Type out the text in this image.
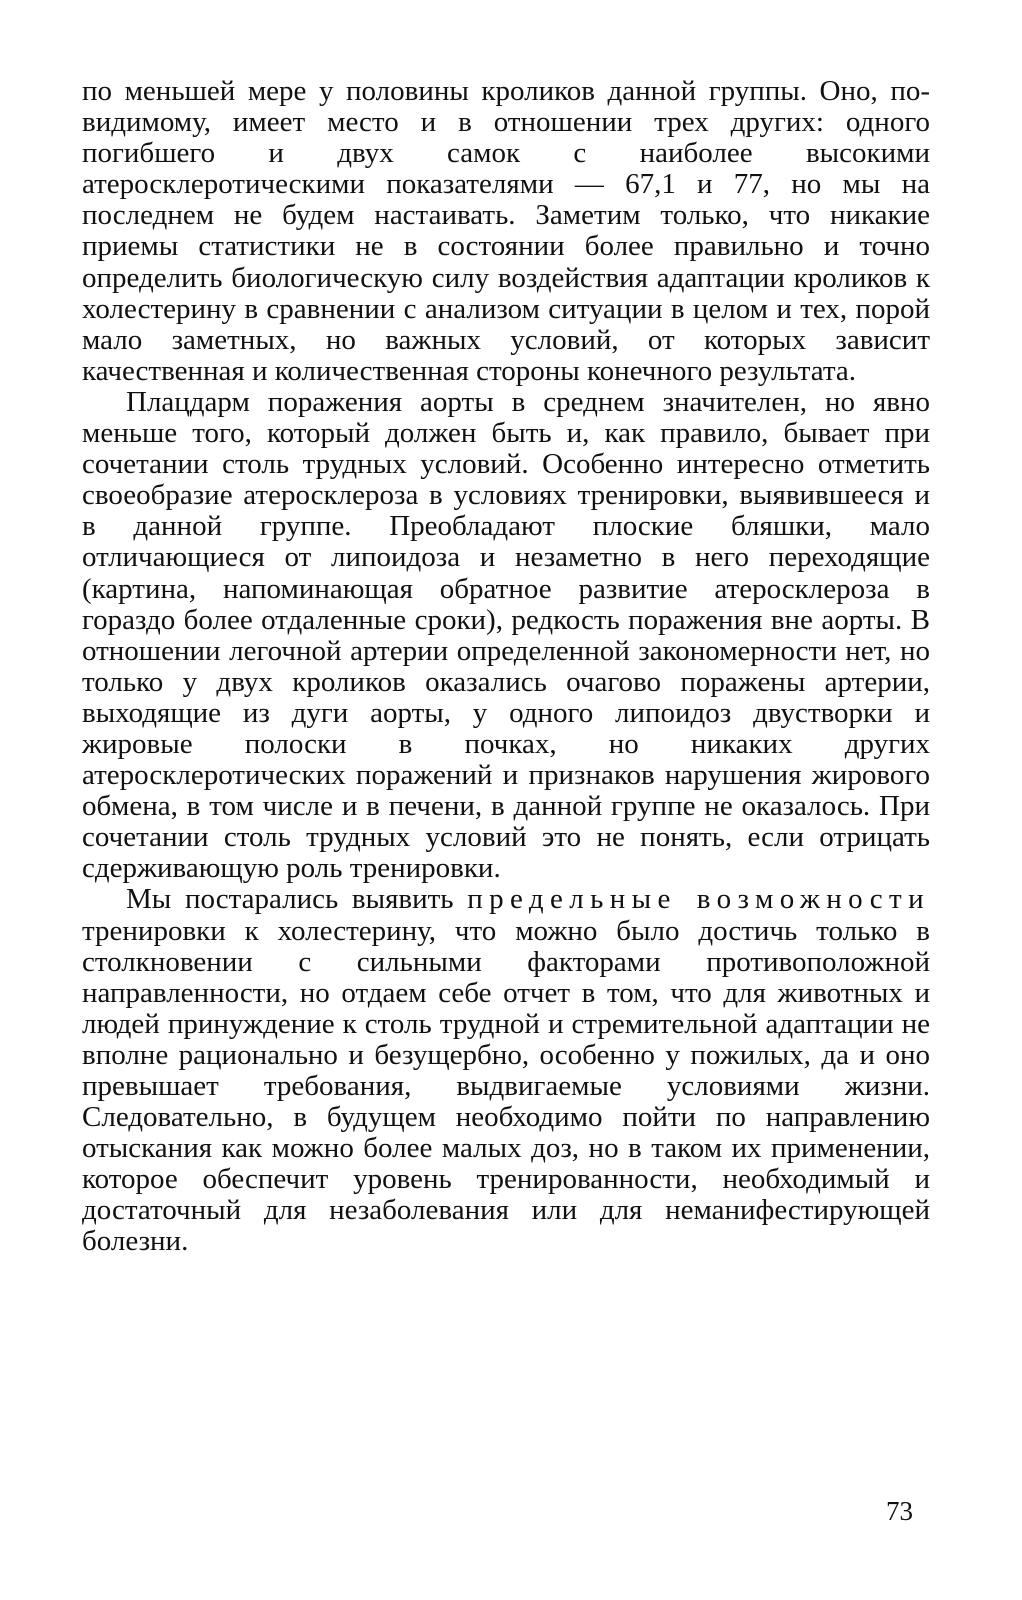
по меньшей мере у половины кроликов данной группы. Оно, по-видимому, имеет место и в отношении трех других: одного погибшего и двух самок с наиболее высокими атеросклеротическими показателями — 67,1 и 77, но мы на последнем не будем настаивать. Заметим только, что никакие приемы статистики не в состоянии более правильно и точно определить биологическую силу воздействия адаптации кроликов к холестерину в сравнении с анализом ситуации в целом и тех, порой мало заметных, но важных условий, от которых зависит качественная и количественная стороны конечного результата.

Плацдарм поражения аорты в среднем значителен, но явно меньше того, который должен быть и, как правило, бывает при сочетании столь трудных условий. Особенно интересно отметить своеобразие атеросклероза в условиях тренировки, выявившееся и в данной группе. Преобладают плоские бляшки, мало отличающиеся от липоидоза и незаметно в него переходящие (картина, напоминающая обратное развитие атеросклероза в гораздо более отдаленные сроки), редкость поражения вне аорты. В отношении легочной артерии определенной закономерности нет, но только у двух кроликов оказались очагово поражены артерии, выходящие из дуги аорты, у одного липоидоз двустворки и жировые полоски в почках, но никаких других атеросклеротических поражений и признаков нарушения жирового обмена, в том числе и в печени, в данной группе не оказалось. При сочетании столь трудных условий это не понять, если отрицать сдерживающую роль тренировки.

Мы постарались выявить предельные возможности тренировки к холестерину, что можно было достичь только в столкновении с сильными факторами противоположной направленности, но отдаем себе отчет в том, что для животных и людей принуждение к столь трудной и стремительной адаптации не вполне рационально и безущербно, особенно у пожилых, да и оно превышает требования, выдвигаемые условиями жизни. Следовательно, в будущем необходимо пойти по направлению отыскания как можно более малых доз, но в таком их применении, которое обеспечит уровень тренированности, необходимый и достаточный для незаболевания или для неманифестирующей болезни.

73
